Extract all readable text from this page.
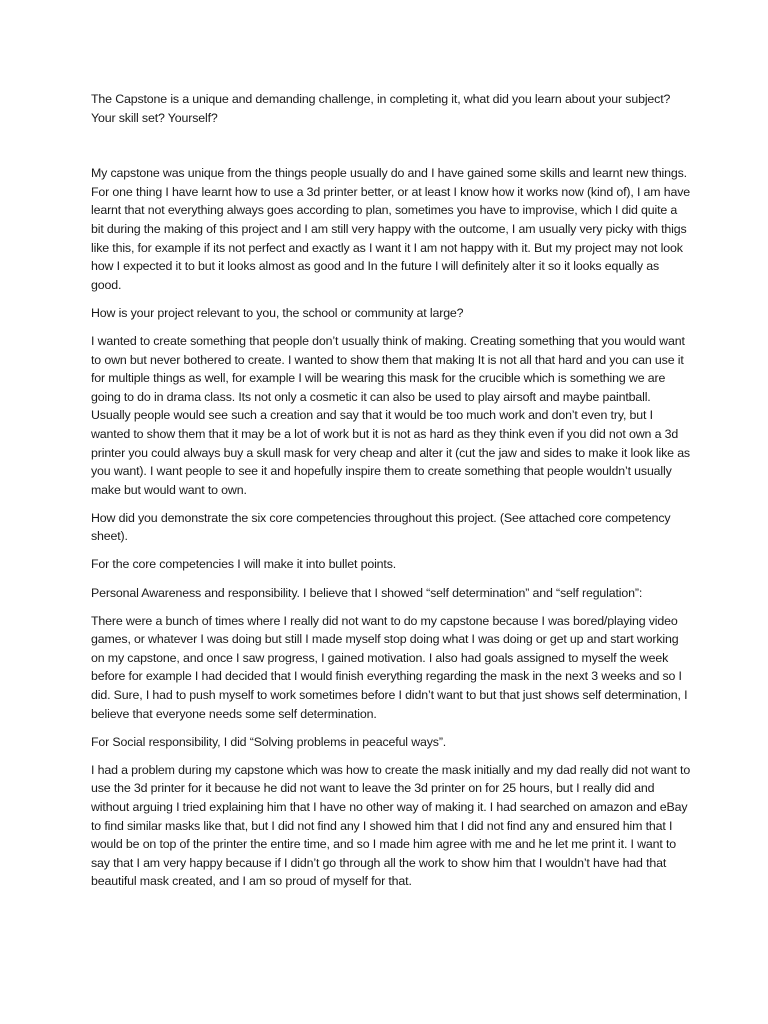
The Capstone is a unique and demanding challenge, in completing it, what did you learn about your subject? Your skill set? Yourself?

My capstone was unique from the things people usually do and I have gained some skills and learnt new things. For one thing I have learnt how to use a 3d printer better, or at least I know how it works now (kind of), I am have learnt that not everything always goes according to plan, sometimes you have to improvise, which I did quite a bit during the making of this project and I am still very happy with the outcome, I am usually very picky with thigs like this, for example if its not perfect and exactly as I want it I am not happy with it. But my project may not look how I expected it to but it looks almost as good and In the future I will definitely alter it so it looks equally as good.

How is your project relevant to you, the school or community at large?

I wanted to create something that people don’t usually think of making. Creating something that you would want to own but never bothered to create. I wanted to show them that making It is not all that hard and you can use it for multiple things as well, for example I will be wearing this mask for the crucible which is something we are going to do in drama class. Its not only a cosmetic it can also be used to play airsoft and maybe paintball. Usually people would see such a creation and say that it would be too much work and don’t even try, but I wanted to show them that it may be a lot of work but it is not as hard as they think even if you did not own a 3d printer you could always buy a skull mask for very cheap and alter it (cut the jaw and sides to make it look like as you want). I want people to see it and hopefully inspire them to create something that people wouldn’t usually make but would want to own.

How did you demonstrate the six core competencies throughout this project. (See attached core competency sheet).

For the core competencies I will make it into bullet points.

Personal Awareness and responsibility. I believe that I showed “self determination” and “self regulation”:

There were a bunch of times where I really did not want to do my capstone because I was bored/playing video games, or whatever I was doing but still I made myself stop doing what I was doing or get up and start working on my capstone, and once I saw progress, I gained motivation. I also had goals assigned to myself the week before for example I had decided that I would finish everything regarding the mask in the next 3 weeks and so I did. Sure, I had to push myself to work sometimes before I didn’t want to but that just shows self determination, I believe that everyone needs some self determination.

For Social responsibility, I did “Solving problems in peaceful ways”.

I had a problem during my capstone which was how to create the mask initially and my dad really did not want to use the 3d printer for it because he did not want to leave the 3d printer on for 25 hours, but I really did and without arguing I tried explaining him that I have no other way of making it. I had searched on amazon and eBay to find similar masks like that, but I did not find any I showed him that I did not find any and ensured him that I would be on top of the printer the entire time, and so I made him agree with me and he let me print it. I want to say that I am very happy because if I didn’t go through all the work to show him that I wouldn’t have had that beautiful mask created, and I am so proud of myself for that.
